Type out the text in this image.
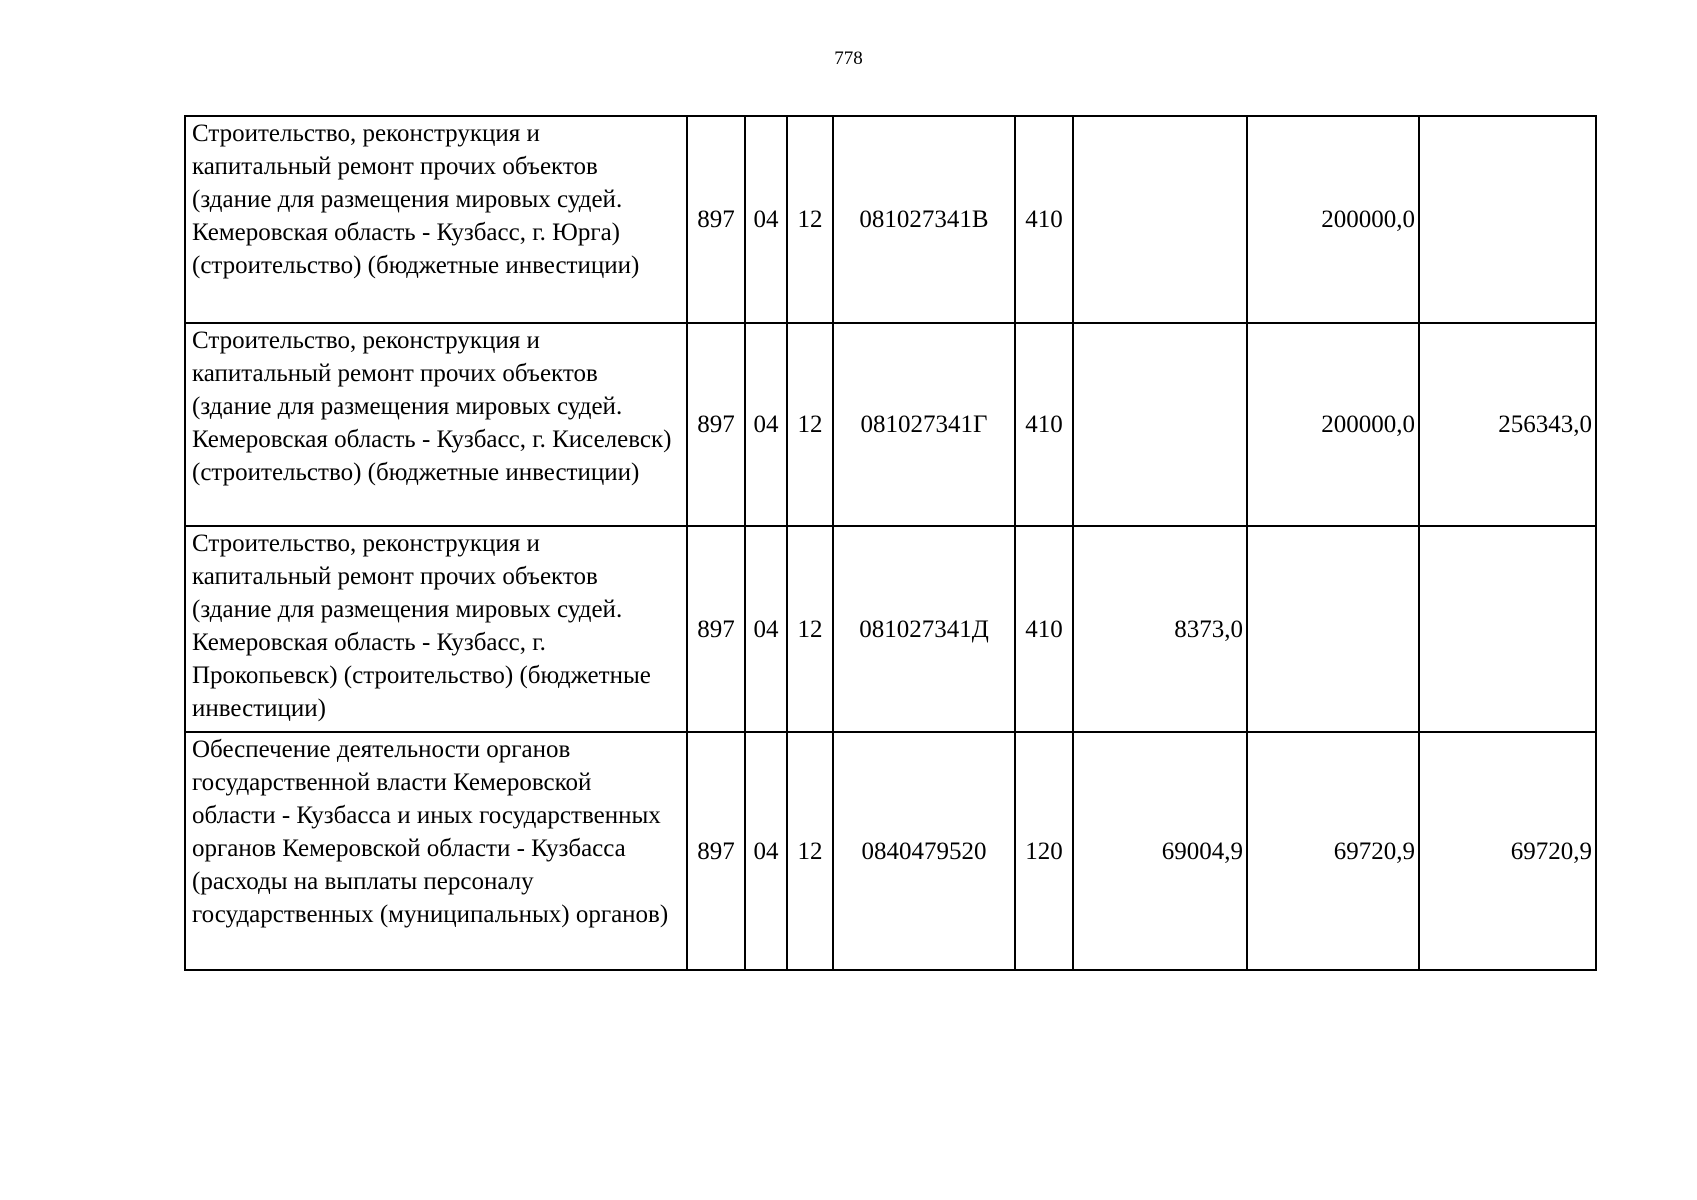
778
Строительство, реконструкция и капитальный ремонт прочих объектов (здание для размещения мировых судей. Кемеровская область - Кузбасс, г. Юрга) (строительство) (бюджетные инвестиции)	897	04	12	081027341В	410		200000,0	
Строительство, реконструкция и капитальный ремонт прочих объектов (здание для размещения мировых судей. Кемеровская область - Кузбасс, г. Киселевск) (строительство) (бюджетные инвестиции)	897	04	12	081027341Г	410		200000,0	256343,0
Строительство, реконструкция и капитальный ремонт прочих объектов (здание для размещения мировых судей. Кемеровская область - Кузбасс, г. Прокопьевск) (строительство) (бюджетные инвестиции)	897	04	12	081027341Д	410	8373,0		
Обеспечение деятельности органов государственной власти Кемеровской области - Кузбасса и иных государственных органов Кемеровской области - Кузбасса (расходы на выплаты персоналу государственных (муниципальных) органов)	897	04	12	0840479520	120	69004,9	69720,9	69720,9
